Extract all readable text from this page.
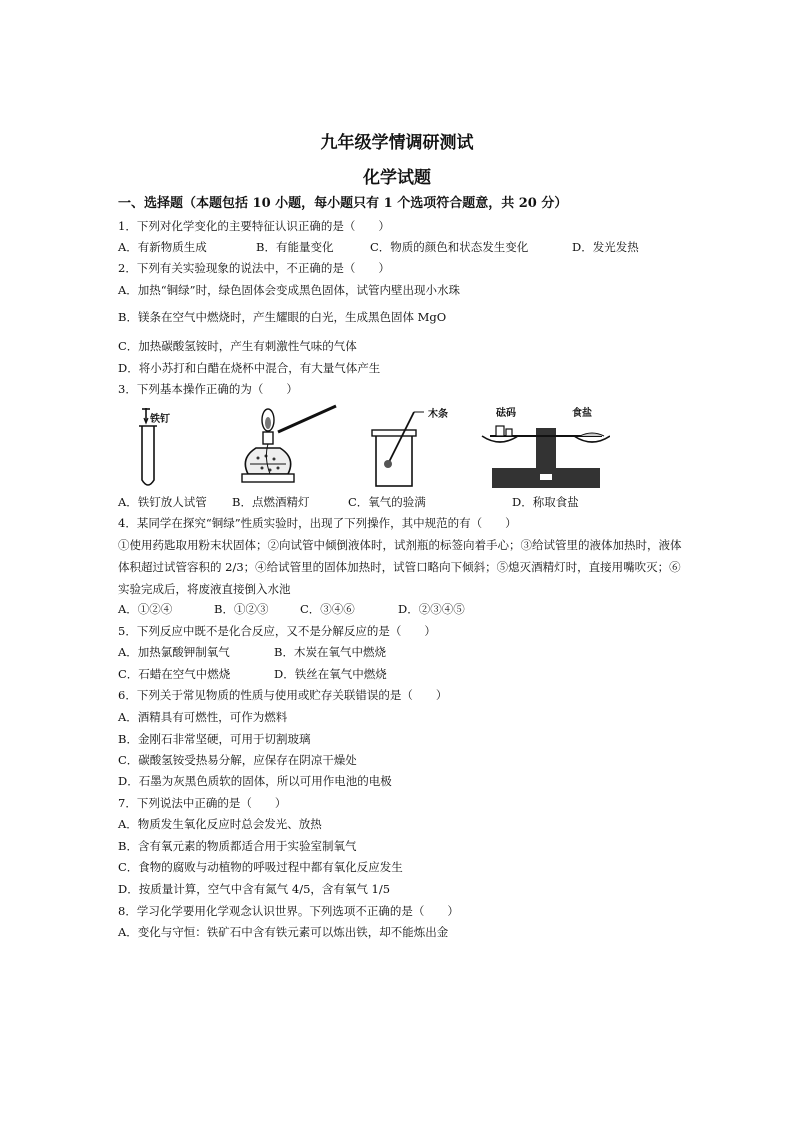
九年级学情调研测试
化学试题
一、选择题（本题包括 10 小题，每小题只有 1 个选项符合题意，共 20 分）
1．下列对化学变化的主要特征认识正确的是（　　）
A．有新物质生成	B．有能量变化	C．物质的颜色和状态发生变化	D．发光发热
2．下列有关实验现象的说法中，不正确的是（　　）
A．加热“铜绿”时，绿色固体会变成黑色固体，试管内壁出现小水珠
B．镁条在空气中燃烧时，产生耀眼的白光，生成黑色固体 MgO
C．加热碳酸氢铵时，产生有刺激性气味的气体
D．将小苏打和白醋在烧杯中混合，有大量气体产生
3．下列基本操作正确的为（　　）
铁钉	木条	砝码	食盐
A．铁钉放人试管 B．点燃酒精灯	C．氧气的验满	D．称取食盐
4．某同学在探究“铜绿”性质实验时，出现了下列操作，其中规范的有（　　）
①使用药匙取用粉末状固体；②向试管中倾倒液体时，试剂瓶的标签向着手心；③给试管里的液体加热时，液体体积超过试管容积的 2/3；④给试管里的固体加热时，试管口略向下倾斜；⑤熄灭酒精灯时，直接用嘴吹灭；⑥实验完成后，将废液直接倒入水池
A．①②④	B．①②③	C．③④⑥	D．②③④⑤
5．下列反应中既不是化合反应，又不是分解反应的是（　　）
A．加热氯酸钾制氧气	B．木炭在氧气中燃烧
C．石蜡在空气中燃烧	D．铁丝在氧气中燃烧
6．下列关于常见物质的性质与使用或贮存关联错误的是（　　）
A．酒精具有可燃性，可作为燃料
B．金刚石非常坚硬，可用于切割玻璃
C．碳酸氢铵受热易分解，应保存在阴凉干燥处
D．石墨为灰黑色质软的固体，所以可用作电池的电极
7．下列说法中正确的是（　　）
A．物质发生氧化反应时总会发光、放热
B．含有氧元素的物质都适合用于实验室制氧气
C．食物的腐败与动植物的呼吸过程中都有氧化反应发生
D．按质量计算，空气中含有氮气 4/5，含有氧气 1/5
8．学习化学要用化学观念认识世界。下列选项不正确的是（　　）
A．变化与守恒：铁矿石中含有铁元素可以炼出铁，却不能炼出金
